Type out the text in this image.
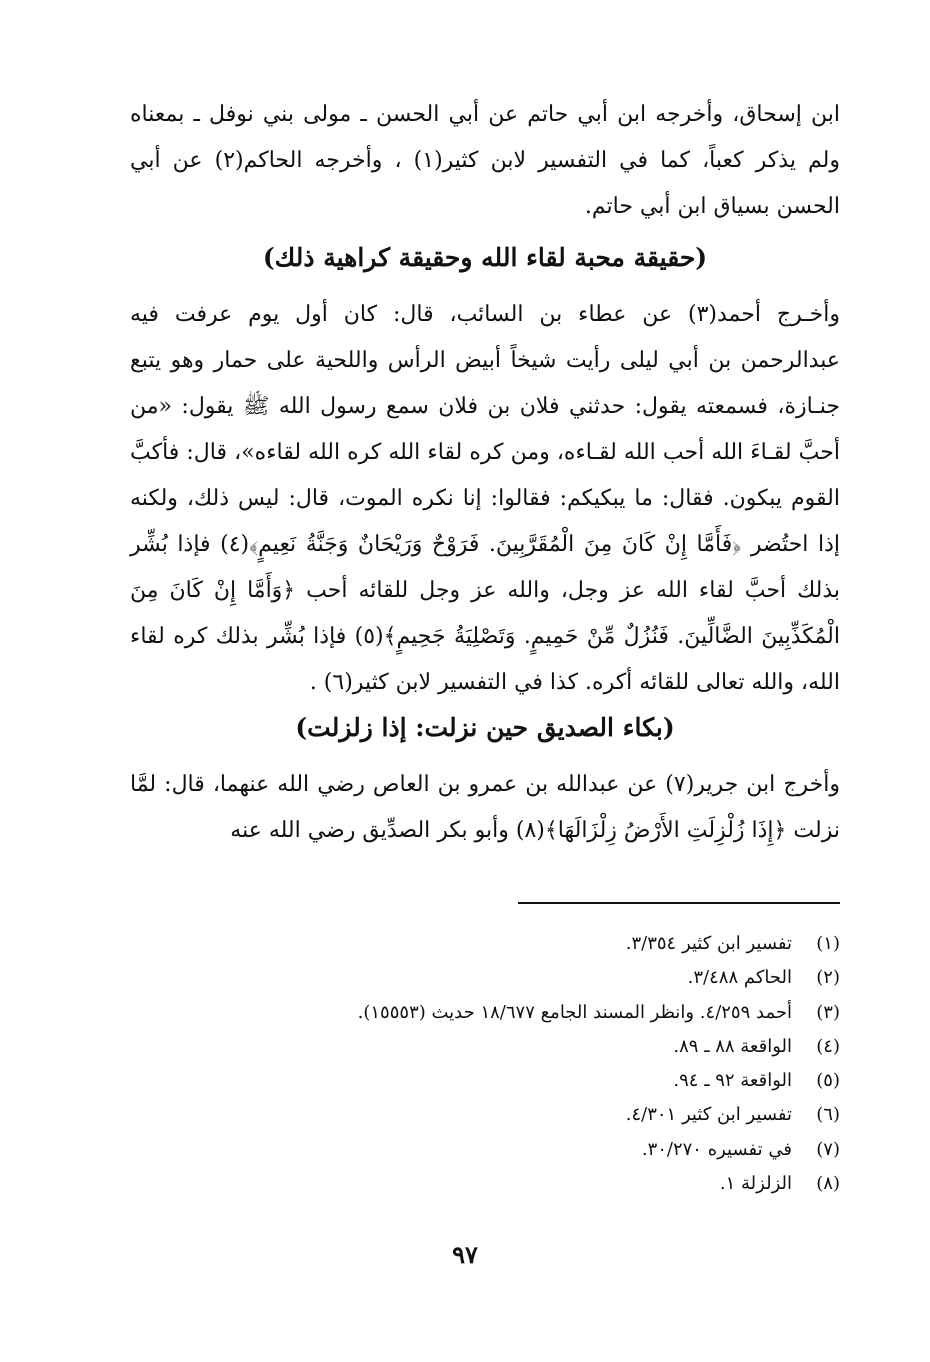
ابن إسحاق، وأخرجه ابن أبي حاتم عن أبي الحسن ـ مولى بني نوفل ـ بمعناه ولم يذكر كعباً، كما في التفسير لابن كثير(١) ، وأخرجه الحاكم(٢) عن أبي الحسن بسياق ابن أبي حاتم.

(حقيقة محبة لقاء الله وحقيقة كراهية ذلك)

وأخـرج أحمد(٣) عن عطاء بن السائب، قال: كان أول يوم عرفت فيه عبدالرحمن بن أبي ليلى رأيت شيخاً أبيض الرأس واللحية على حمار وهو يتبع جنـازة، فسمعته يقول: حدثني فلان بن فلان سمع رسول الله ﷺ يقول: «من أحبَّ لقـاءَ الله أحب الله لقـاءه، ومن كره لقاء الله كره الله لقاءه»، قال: فأكبَّ القوم يبكون. فقال: ما يبكيكم: فقالوا: إنا نكره الموت، قال: ليس ذلك، ولكنه إذا احتُضر ﴿فَأَمَّا إِنْ كَانَ مِنَ الْمُقَرَّبِينَ. فَرَوْحٌ وَرَيْحَانٌ وَجَنَّةُ نَعِيمٍ﴾(٤) فإذا بُشِّر بذلك أحبَّ لقاء الله عز وجل، والله عز وجل للقائه أحب ﴿وَأَمَّا إِنْ كَانَ مِنَ الْمُكَذِّبِينَ الضَّالِّينَ. فَنُزُلٌ مِّنْ حَمِيمٍ. وَتَصْلِيَةُ جَحِيمٍ﴾(٥) فإذا بُشِّر بذلك كره لقاء الله، والله تعالى للقائه أكره. كذا في التفسير لابن كثير(٦) .

(بكاء الصديق حين نزلت: إذا زلزلت)

وأخرج ابن جرير(٧) عن عبدالله بن عمرو بن العاص رضي الله عنهما، قال: لمَّا نزلت ﴿إِذَا زُلْزِلَتِ الأَرْضُ زِلْزَالَهَا﴾(٨) وأبو بكر الصدِّيق رضي الله عنه

(١)تفسير ابن كثير ٣/٣٥٤.
(٢)الحاكم ٣/٤٨٨.
(٣)أحمد ٤/٢٥٩. وانظر المسند الجامع ١٨/٦٧٧ حديث (١٥٥٥٣).
(٤)الواقعة ٨٨ ـ ٨٩.
(٥)الواقعة ٩٢ ـ ٩٤.
(٦)تفسير ابن كثير ٤/٣٠١.
(٧)في تفسيره ٣٠/٢٧٠.
(٨)الزلزلة ١.
٩٧
